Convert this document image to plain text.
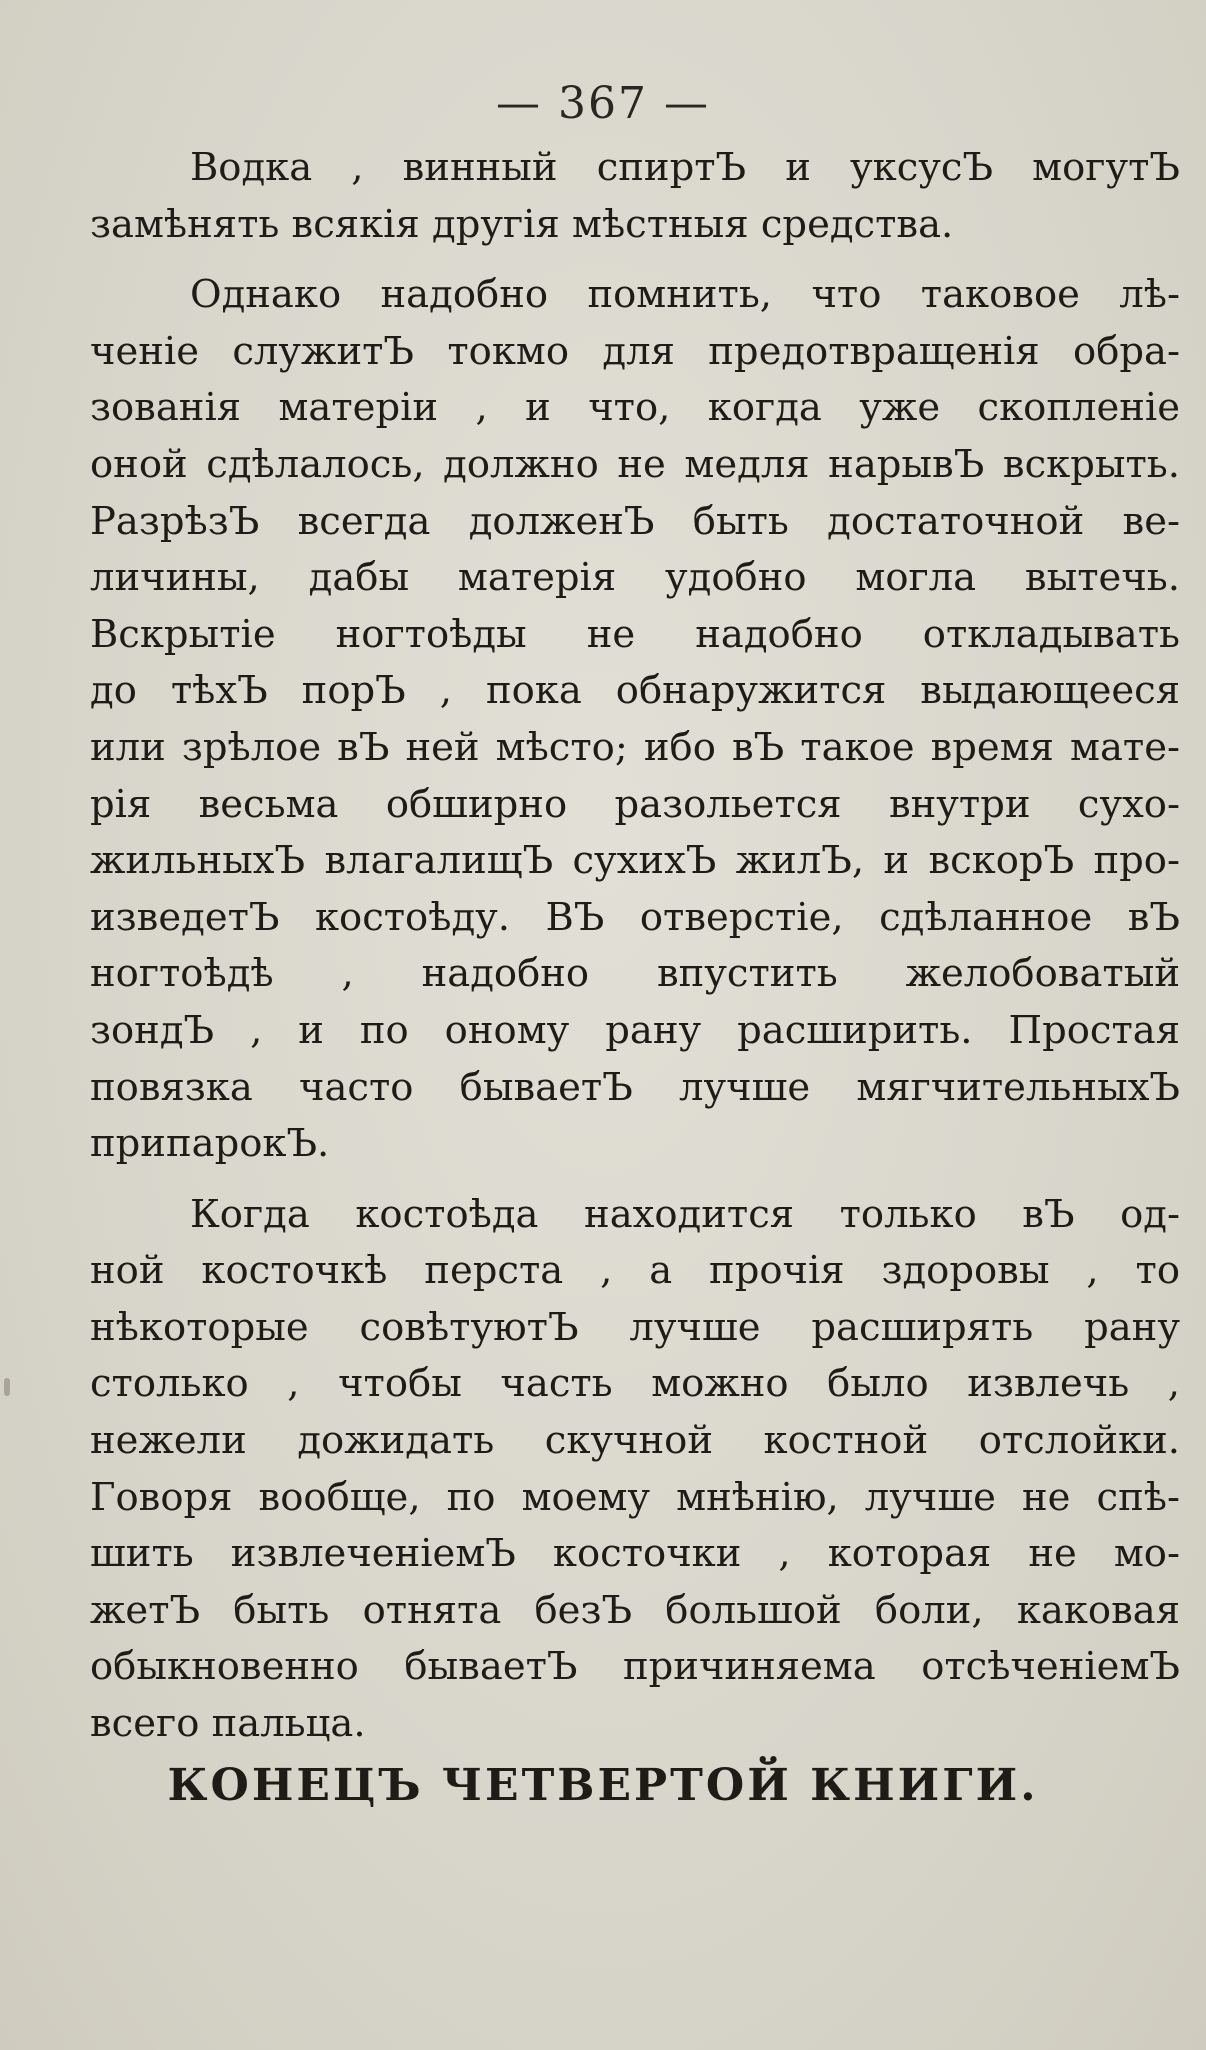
— 367 —
Водка , винный спиртЪ и уксусЪ могутЪ
замѣнять всякія другія мѣстныя средства.
Однако надобно помнить, что таковое лѣ-
ченіе служитЪ токмо для предотвращенія обра-
зованія матеріи , и что, когда уже скопленіе
оной сдѣлалось, должно не медля нарывЪ вскрыть.
РазрѣзЪ всегда долженЪ быть достаточной ве-
личины, дабы матерія удобно могла вытечь.
Вскрытіе ногтоѣды не надобно откладывать
до тѣхЪ порЪ , пока обнаружится выдающееся
или зрѣлое вЪ ней мѣсто; ибо вЪ такое время мате-
рія весьма обширно разольется внутри сухо-
жильныхЪ влагалищЪ сухихЪ жилЪ, и вскорЪ про-
изведетЪ костоѣду. ВЪ отверстіе, сдѣланное вЪ
ногтоѣдѣ , надобно впустить желобоватый
зондЪ , и по оному рану расширить. Простая
повязка часто бываетЪ лучше мягчительныхЪ
припарокЪ.
Когда костоѣда находится только вЪ од-
ной косточкѣ перста , а прочія здоровы , то
нѣкоторые совѣтуютЪ лучше расширять рану
столько , чтобы часть можно было извлечь ,
нежели дожидать скучной костной отслойки.
Говоря вообще, по моему мнѣнію, лучше не спѣ-
шить извлеченіемЪ косточки , которая не мо-
жетЪ быть отнята безЪ большой боли, каковая
обыкновенно бываетЪ причиняема отсѣченіемЪ
всего пальца.
КОНЕЦЪ ЧЕТВЕРТОЙ КНИГИ.
